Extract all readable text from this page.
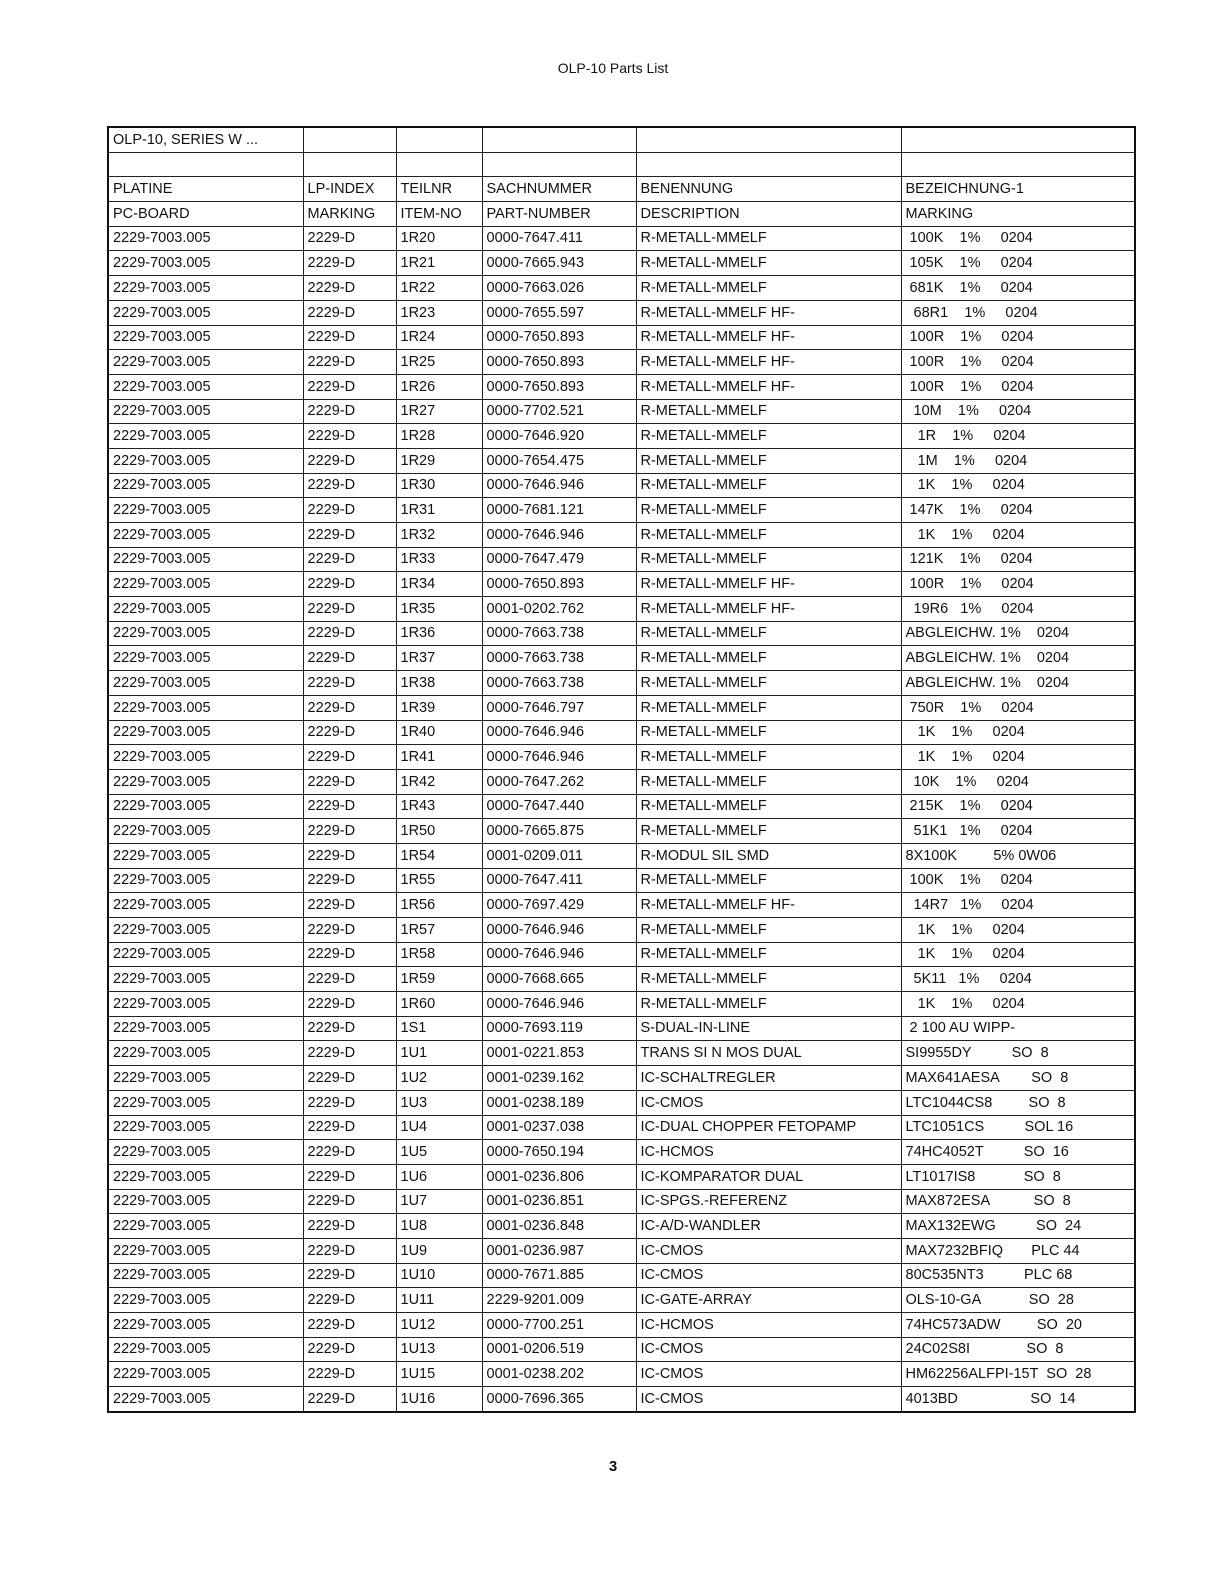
OLP-10 Parts List
OLP-10, SERIES W ...					

PLATINE	LP-INDEX	TEILNR	SACHNUMMER	BENENNUNG	BEZEICHNUNG-1
PC-BOARD	MARKING	ITEM-NO	PART-NUMBER	DESCRIPTION	MARKING
2229-7003.005	2229-D	1R20	0000-7647.411	R-METALL-MMELF	100K    1%     0204
2229-7003.005	2229-D	1R21	0000-7665.943	R-METALL-MMELF	105K    1%     0204
2229-7003.005	2229-D	1R22	0000-7663.026	R-METALL-MMELF	681K    1%     0204
2229-7003.005	2229-D	1R23	0000-7655.597	R-METALL-MMELF HF-	68R1    1%     0204
2229-7003.005	2229-D	1R24	0000-7650.893	R-METALL-MMELF HF-	100R    1%     0204
2229-7003.005	2229-D	1R25	0000-7650.893	R-METALL-MMELF HF-	100R    1%     0204
2229-7003.005	2229-D	1R26	0000-7650.893	R-METALL-MMELF HF-	100R    1%     0204
2229-7003.005	2229-D	1R27	0000-7702.521	R-METALL-MMELF	10M    1%     0204
2229-7003.005	2229-D	1R28	0000-7646.920	R-METALL-MMELF	1R    1%     0204
2229-7003.005	2229-D	1R29	0000-7654.475	R-METALL-MMELF	1M    1%     0204
2229-7003.005	2229-D	1R30	0000-7646.946	R-METALL-MMELF	1K    1%     0204
2229-7003.005	2229-D	1R31	0000-7681.121	R-METALL-MMELF	147K    1%     0204
2229-7003.005	2229-D	1R32	0000-7646.946	R-METALL-MMELF	1K    1%     0204
2229-7003.005	2229-D	1R33	0000-7647.479	R-METALL-MMELF	121K    1%     0204
2229-7003.005	2229-D	1R34	0000-7650.893	R-METALL-MMELF HF-	100R    1%     0204
2229-7003.005	2229-D	1R35	0001-0202.762	R-METALL-MMELF HF-	19R6   1%     0204
2229-7003.005	2229-D	1R36	0000-7663.738	R-METALL-MMELF	ABGLEICHW. 1%    0204
2229-7003.005	2229-D	1R37	0000-7663.738	R-METALL-MMELF	ABGLEICHW. 1%    0204
2229-7003.005	2229-D	1R38	0000-7663.738	R-METALL-MMELF	ABGLEICHW. 1%    0204
2229-7003.005	2229-D	1R39	0000-7646.797	R-METALL-MMELF	750R    1%     0204
2229-7003.005	2229-D	1R40	0000-7646.946	R-METALL-MMELF	1K    1%     0204
2229-7003.005	2229-D	1R41	0000-7646.946	R-METALL-MMELF	1K    1%     0204
2229-7003.005	2229-D	1R42	0000-7647.262	R-METALL-MMELF	10K    1%     0204
2229-7003.005	2229-D	1R43	0000-7647.440	R-METALL-MMELF	215K    1%     0204
2229-7003.005	2229-D	1R50	0000-7665.875	R-METALL-MMELF	51K1   1%     0204
2229-7003.005	2229-D	1R54	0001-0209.011	R-MODUL SIL SMD	8X100K         5% 0W06
2229-7003.005	2229-D	1R55	0000-7647.411	R-METALL-MMELF	100K    1%     0204
2229-7003.005	2229-D	1R56	0000-7697.429	R-METALL-MMELF HF-	14R7   1%     0204
2229-7003.005	2229-D	1R57	0000-7646.946	R-METALL-MMELF	1K    1%     0204
2229-7003.005	2229-D	1R58	0000-7646.946	R-METALL-MMELF	1K    1%     0204
2229-7003.005	2229-D	1R59	0000-7668.665	R-METALL-MMELF	5K11   1%     0204
2229-7003.005	2229-D	1R60	0000-7646.946	R-METALL-MMELF	1K    1%     0204
2229-7003.005	2229-D	1S1	0000-7693.119	S-DUAL-IN-LINE	2 100 AU WIPP-
2229-7003.005	2229-D	1U1	0001-0221.853	TRANS SI N MOS DUAL	SI9955DY          SO  8
2229-7003.005	2229-D	1U2	0001-0239.162	IC-SCHALTREGLER	MAX641AESA        SO  8
2229-7003.005	2229-D	1U3	0001-0238.189	IC-CMOS	LTC1044CS8         SO  8
2229-7003.005	2229-D	1U4	0001-0237.038	IC-DUAL CHOPPER FETOPAMP	LTC1051CS          SOL 16
2229-7003.005	2229-D	1U5	0000-7650.194	IC-HCMOS	74HC4052T          SO  16
2229-7003.005	2229-D	1U6	0001-0236.806	IC-KOMPARATOR DUAL	LT1017IS8            SO  8
2229-7003.005	2229-D	1U7	0001-0236.851	IC-SPGS.-REFERENZ	MAX872ESA           SO  8
2229-7003.005	2229-D	1U8	0001-0236.848	IC-A/D-WANDLER	MAX132EWG          SO  24
2229-7003.005	2229-D	1U9	0001-0236.987	IC-CMOS	MAX7232BFIQ       PLC 44
2229-7003.005	2229-D	1U10	0000-7671.885	IC-CMOS	80C535NT3          PLC 68
2229-7003.005	2229-D	1U11	2229-9201.009	IC-GATE-ARRAY	OLS-10-GA            SO  28
2229-7003.005	2229-D	1U12	0000-7700.251	IC-HCMOS	74HC573ADW         SO  20
2229-7003.005	2229-D	1U13	0001-0206.519	IC-CMOS	24C02S8I              SO  8
2229-7003.005	2229-D	1U15	0001-0238.202	IC-CMOS	HM62256ALFPI-15T  SO  28
2229-7003.005	2229-D	1U16	0000-7696.365	IC-CMOS	4013BD                  SO  14
3
